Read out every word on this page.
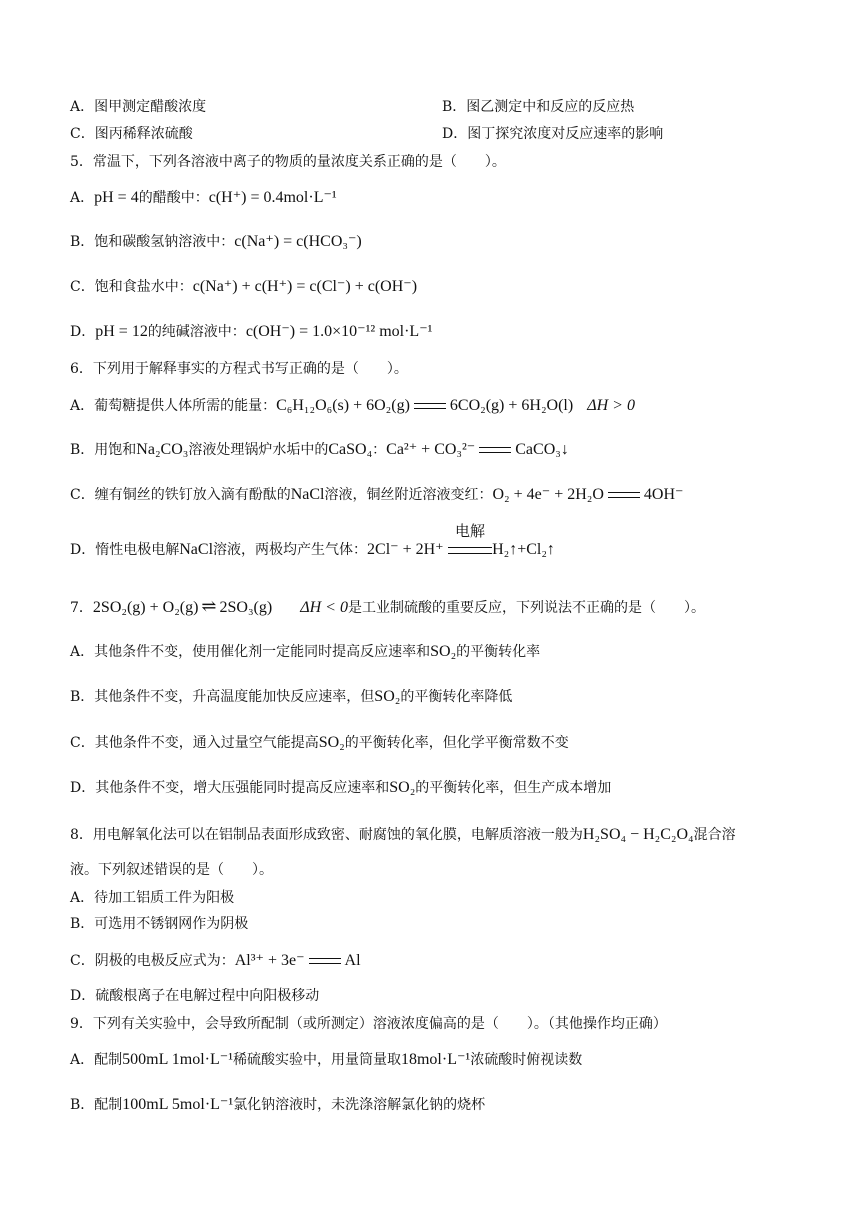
A．图甲测定醋酸浓度	B．图乙测定中和反应的反应热
C．图丙稀释浓硫酸	D．图丁探究浓度对反应速率的影响
5．常温下，下列各溶液中离子的物质的量浓度关系正确的是（　　）。
A．pH = 4的醋酸中：c(H⁺) = 0.4mol·L⁻¹
B．饱和碳酸氢钠溶液中：c(Na⁺) = c(HCO₃⁻)
C．饱和食盐水中：c(Na⁺) + c(H⁺) = c(Cl⁻) + c(OH⁻)
D．pH = 12的纯碱溶液中：c(OH⁻) = 1.0×10⁻¹² mol·L⁻¹
6．下列用于解释事实的方程式书写正确的是（　　）。
A．葡萄糖提供人体所需的能量：C₆H₁₂O₆(s) + 6O₂(g)	6CO₂(g) + 6H₂O(l) ΔH > 0
B．用饱和Na₂CO₃溶液处理锅炉水垢中的CaSO₄：Ca²⁺ + CO₃²⁻	CaCO₃↓
C．缠有铜丝的铁钉放入滴有酚酞的NaCl溶液，铜丝附近溶液变红：O₂ + 4e⁻ + 2H₂O	4OH⁻
D．惰性电极电解NaCl溶液，两极均产生气体：2Cl⁻ + 2H⁺
电解
H₂↑+Cl₂↑
7．2SO₂(g) + O₂(g) ⇌ 2SO₃(g) ΔH < 0是工业制硫酸的重要反应，下列说法不正确的是（　　）。
A．其他条件不变，使用催化剂一定能同时提高反应速率和SO₂的平衡转化率
B．其他条件不变，升高温度能加快反应速率，但SO₂的平衡转化率降低
C．其他条件不变，通入过量空气能提高SO₂的平衡转化率，但化学平衡常数不变
D．其他条件不变，增大压强能同时提高反应速率和SO₂的平衡转化率，但生产成本增加
8．用电解氧化法可以在铝制品表面形成致密、耐腐蚀的氧化膜，电解质溶液一般为H₂SO₄ − H₂C₂O₄混合溶
液。下列叙述错误的是（　　）。
A．待加工铝质工件为阳极
B．可选用不锈钢网作为阴极
C．阴极的电极反应式为：Al³⁺ + 3e⁻	Al
D．硫酸根离子在电解过程中向阳极移动
9．下列有关实验中，会导致所配制（或所测定）溶液浓度偏高的是（　　）。（其他操作均正确）
A．配制500mL 1mol·L⁻¹稀硫酸实验中，用量筒量取18mol·L⁻¹浓硫酸时俯视读数
B．配制100mL 5mol·L⁻¹氯化钠溶液时，未洗涤溶解氯化钠的烧杯
